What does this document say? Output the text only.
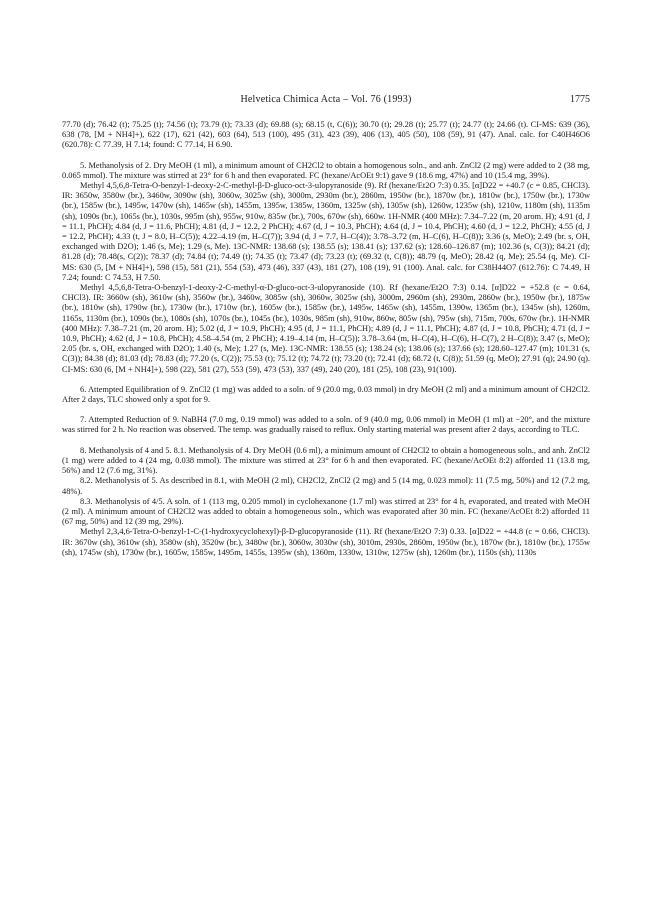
Helvetica Chimica Acta – Vol. 76 (1993)	1775

77.70 (d); 76.42 (t); 75.25 (t); 74.56 (t); 73.79 (t); 73.33 (d); 69.88 (s); 68.15 (t, C(6)); 30.70 (t); 29.28 (t); 25.77 (t); 24.77 (t); 24.66 (t). CI-MS: 639 (36), 638 (78, [M + NH4]+), 622 (17), 621 (42), 603 (64), 513 (100), 495 (31), 423 (39), 406 (13), 405 (50), 108 (59), 91 (47). Anal. calc. for C40H46O6 (620.78): C 77.39, H 7.14; found: C 77.14, H 6.90.

5. Methanolysis of 2. Dry MeOH (1 ml), a minimum amount of CH2Cl2 to obtain a homogenous soln., and anh. ZnCl2 (2 mg) were added to 2 (38 mg, 0.065 mmol). The mixture was stirred at 23° for 6 h and then evaporated. FC (hexane/AcOEt 9:1) gave 9 (18.6 mg, 47%) and 10 (15.4 mg, 39%).

Methyl 4,5,6,8-Tetra-O-benzyl-1-deoxy-2-C-methyl-β-D-gluco-oct-3-ulopyranoside (9). Rf (hexane/Et2O 7:3) 0.35. [α]D22 = +40.7 (c = 0.85, CHCl3). IR: 3650w, 3580w (br.), 3460w, 3090w (sh), 3060w, 3025w (sh), 3000m, 2930m (br.), 2860m, 1950w (br.), 1870w (br.), 1810w (br.), 1750w (br.), 1730w (br.), 1585w (br.), 1495w, 1470w (sh), 1465w (sh), 1455m, 1395w, 1385w, 1360m, 1325w (sh), 1305w (sh), 1260w, 1235w (sh), 1210w, 1180m (sh), 1135m (sh), 1090s (br.), 1065s (br.), 1030s, 995m (sh), 955w, 910w, 835w (br.), 700s, 670w (sh), 660w. 1H-NMR (400 MHz): 7.34–7.22 (m, 20 arom. H); 4.91 (d, J = 11.1, PhCH); 4.84 (d, J = 11.6, PhCH); 4.81 (d, J = 12.2, 2 PhCH); 4.67 (d, J = 10.3, PhCH); 4.64 (d, J = 10.4, PhCH); 4.60 (d, J = 12.2, PhCH); 4.55 (d, J = 12.2, PhCH); 4.33 (t, J = 8.0, H–C(5)); 4.22–4.19 (m, H–C(7)); 3.94 (d, J = 7.7, H–C(4)); 3.78–3.72 (m, H–C(6), H–C(8)); 3.36 (s, MeO); 2.49 (br. s, OH, exchanged with D2O); 1.46 (s, Me); 1.29 (s, Me). 13C-NMR: 138.68 (s); 138.55 (s); 138.41 (s); 137.62 (s); 128.60–126.87 (m); 102.36 (s, C(3)); 84.21 (d); 81.28 (d); 78.48(s, C(2)); 78.37 (d); 74.84 (t); 74.49 (t); 74.35 (t); 73.47 (d); 73.23 (t); (69.32 (t, C(8)); 48.79 (q, MeO); 28.42 (q, Me); 25.54 (q, Me). CI-MS: 630 (5, [M + NH4]+), 598 (15), 581 (21), 554 (53), 473 (46), 337 (43), 181 (27), 108 (19), 91 (100). Anal. calc. for C38H44O7 (612.76): C 74.49, H 7.24; found: C 74.53, H 7.50.

Methyl 4,5,6,8-Tetra-O-benzyl-1-deoxy-2-C-methyl-α-D-gluco-oct-3-ulopyranoside (10). Rf (hexane/Et2O 7:3) 0.14. [α]D22 = +52.8 (c = 0.64, CHCl3). IR: 3660w (sh), 3610w (sh), 3560w (br.), 3460w, 3085w (sh), 3060w, 3025w (sh), 3000m, 2960m (sh), 2930m, 2860w (br.), 1950w (br.), 1875w (br.), 1810w (sh), 1790w (br.), 1730w (br.), 1710w (br.), 1605w (br.), 1585w (br.), 1495w, 1465w (sh), 1455m, 1390w, 1365m (br.), 1345w (sh), 1260m, 1165s, 1130m (br.), 1090s (br.), 1080s (sh), 1070s (br.), 1045s (br.), 1030s, 985m (sh), 910w, 860w, 805w (sh), 795w (sh), 715m, 700s, 670w (br.). 1H-NMR (400 MHz): 7.38–7.21 (m, 20 arom. H); 5.02 (d, J = 10.9, PhCH); 4.95 (d, J = 11.1, PhCH); 4.89 (d, J = 11.1, PhCH); 4.87 (d, J = 10.8, PhCH); 4.71 (d, J = 10.9, PhCH); 4.62 (d, J = 10.8, PhCH); 4.58–4.54 (m, 2 PhCH); 4.19–4.14 (m, H–C(5)); 3.78–3.64 (m, H–C(4), H–C(6), H–C(7), 2 H–C(8)); 3.47 (s, MeO); 2.05 (br. s, OH, exchanged with D2O); 1.40 (s, Me); 1.27 (s, Me). 13C-NMR: 138.55 (s); 138.24 (s); 138.06 (s); 137.66 (s); 128.60–127.47 (m); 101.31 (s, C(3)); 84.38 (d); 81.03 (d); 78.83 (d); 77.20 (s, C(2)); 75.53 (t); 75.12 (t); 74.72 (t); 73.20 (t); 72.41 (d); 68.72 (t, C(8)); 51.59 (q, MeO); 27.91 (q); 24.90 (q). CI-MS: 630 (6, [M + NH4]+), 598 (22), 581 (27), 553 (59), 473 (53), 337 (49), 240 (20), 181 (25), 108 (23), 91(100).

6. Attempted Equilibration of 9. ZnCl2 (1 mg) was added to a soln. of 9 (20.0 mg, 0.03 mmol) in dry MeOH (2 ml) and a minimum amount of CH2Cl2. After 2 days, TLC showed only a spot for 9.

7. Attempted Reduction of 9. NaBH4 (7.0 mg, 0.19 mmol) was added to a soln. of 9 (40.0 mg, 0.06 mmol) in MeOH (1 ml) at −20°, and the mixture was stirred for 2 h. No reaction was observed. The temp. was gradually raised to reflux. Only starting material was present after 2 days, according to TLC.

8. Methanolysis of 4 and 5. 8.1. Methanolysis of 4. Dry MeOH (0.6 ml), a minimum amount of CH2Cl2 to obtain a homogeneous soln., and anh. ZnCl2 (1 mg) were added to 4 (24 mg, 0.038 mmol). The mixture was stirred at 23° for 6 h and then evaporated. FC (hexane/AcOEt 8:2) afforded 11 (13.8 mg, 56%) and 12 (7.6 mg, 31%).

8.2. Methanolysis of 5. As described in 8.1, with MeOH (2 ml), CH2Cl2, ZnCl2 (2 mg) and 5 (14 mg, 0.023 mmol): 11 (7.5 mg, 50%) and 12 (7.2 mg, 48%).

8.3. Methanolysis of 4/5. A soln. of 1 (113 mg, 0.205 mmol) in cyclohexanone (1.7 ml) was stirred at 23° for 4 h, evaporated, and treated with MeOH (2 ml). A minimum amount of CH2Cl2 was added to obtain a homogeneous soln., which was evaporated after 30 min. FC (hexane/AcOEt 8:2) afforded 11 (67 mg, 50%) and 12 (39 mg, 29%).

Methyl 2,3,4,6-Tetra-O-benzyl-1-C-(1-hydroxycyclohexyl)-β-D-glucopyranoside (11). Rf (hexane/Et2O 7:3) 0.33. [α]D22 = +44.8 (c = 0.66, CHCl3). IR: 3670w (sh), 3610w (sh), 3580w (sh), 3520w (br.), 3480w (br.), 3060w, 3030w (sh), 3010m, 2930s, 2860m, 1950w (br.), 1870w (br.), 1810w (br.), 1755w (sh), 1745w (sh), 1730w (br.), 1605w, 1585w, 1495m, 1455s, 1395w (sh), 1360m, 1330w, 1310w, 1275w (sh), 1260m (br.), 1150s (sh), 1130s
